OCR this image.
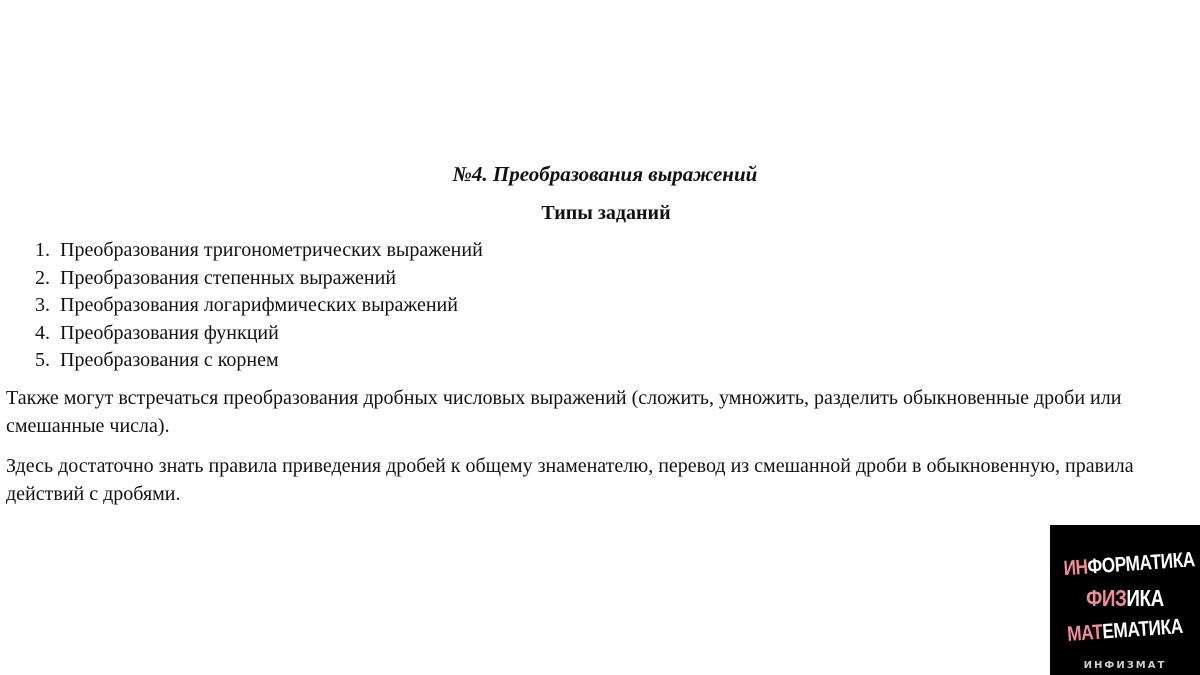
№4. Преобразования выражений
Типы заданий
1. Преобразования тригонометрических выражений
2. Преобразования степенных выражений
3. Преобразования логарифмических выражений
4. Преобразования функций
5. Преобразования с корнем

Также могут встречаться преобразования дробных числовых выражений (сложить, умножить, разделить обыкновенные дроби или смешанные числа).

Здесь достаточно знать правила приведения дробей к общему знаменателю, перевод из смешанной дроби в обыкновенную, правила действий с дробями.

ИНФОРМАТИКА
ФИЗИКА
МАТЕМАТИКА
ИНФИЗМАТ
